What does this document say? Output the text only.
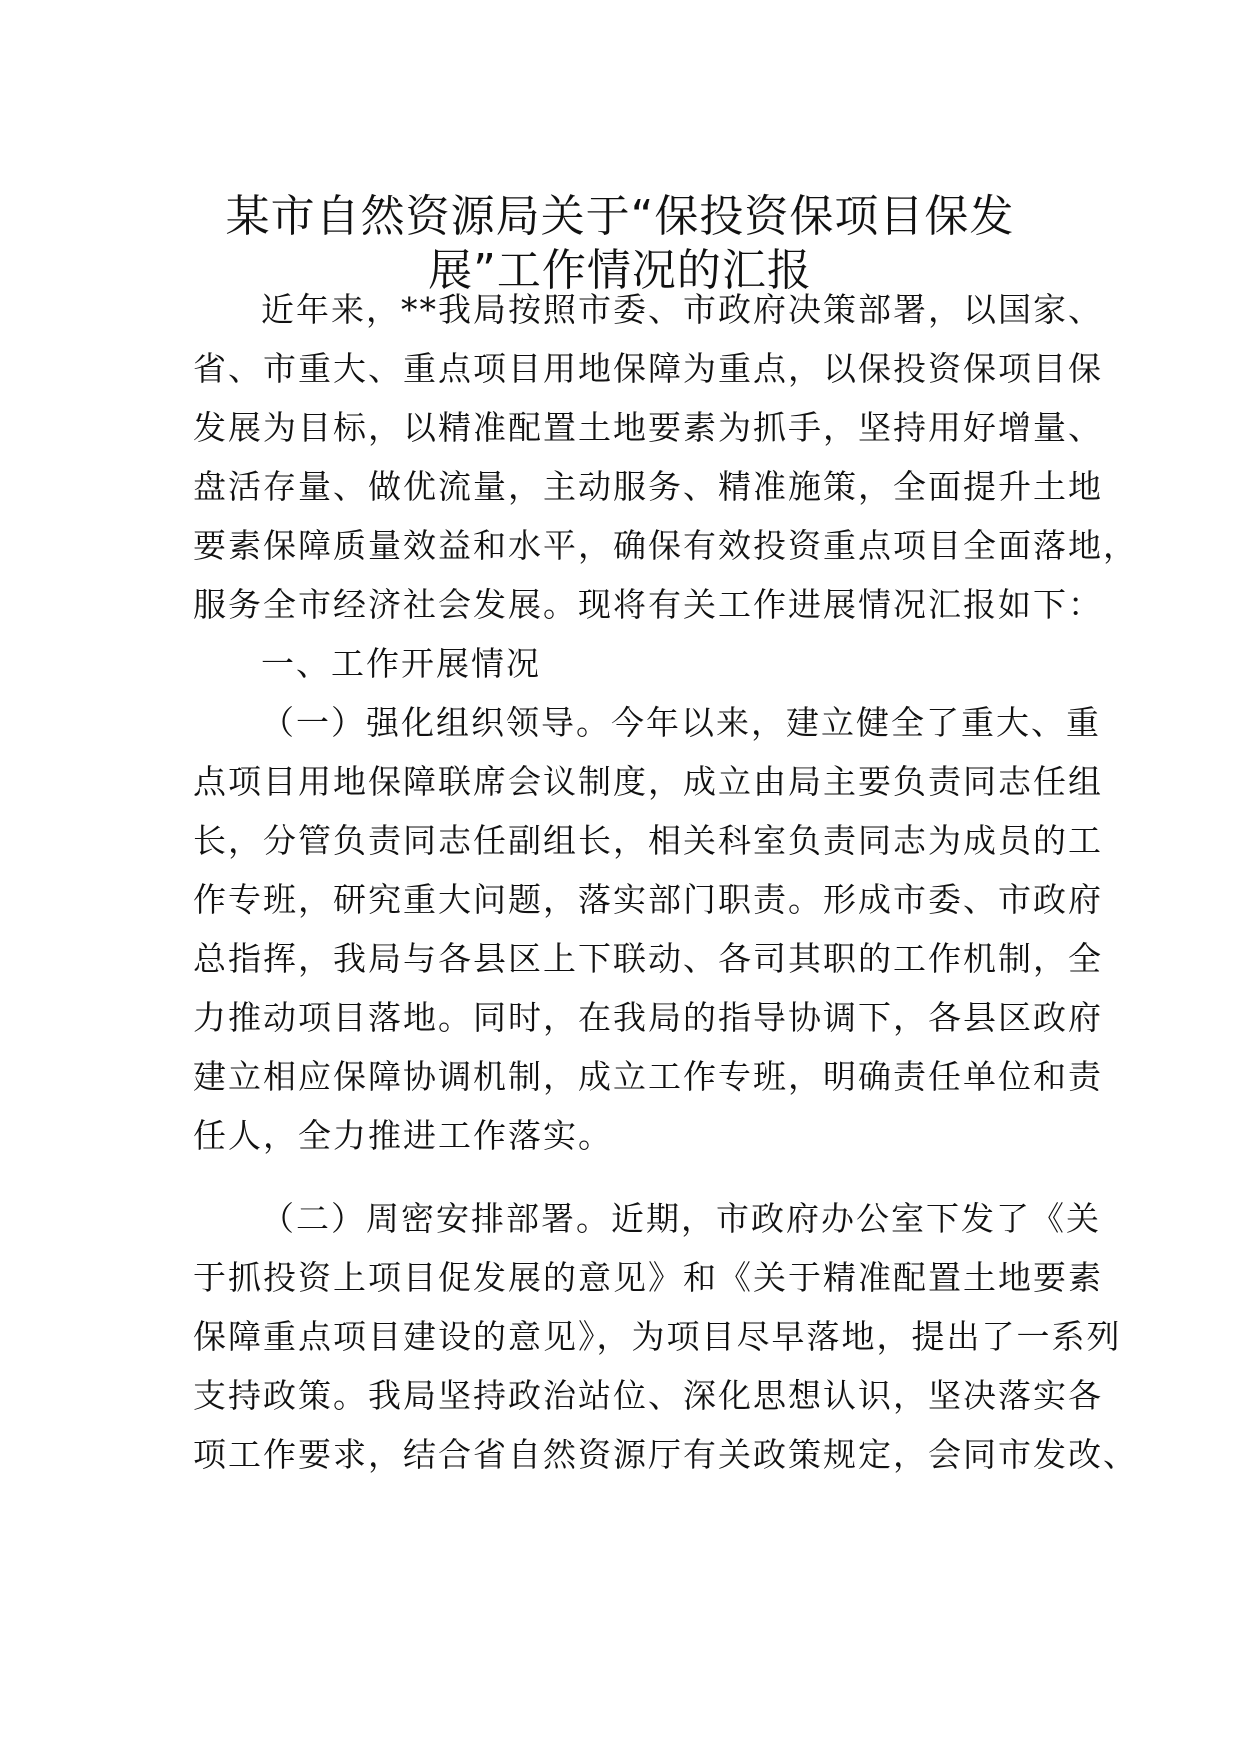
某市自然资源局关于“保投资保项目保发
展”工作情况的汇报
近年来，**我局按照市委、市政府决策部署，以国家、
省、市重大、重点项目用地保障为重点，以保投资保项目保
发展为目标，以精准配置土地要素为抓手，坚持用好增量、
盘活存量、做优流量，主动服务、精准施策，全面提升土地
要素保障质量效益和水平，确保有效投资重点项目全面落地，
服务全市经济社会发展。现将有关工作进展情况汇报如下：
一、工作开展情况
（一）强化组织领导。今年以来，建立健全了重大、重
点项目用地保障联席会议制度，成立由局主要负责同志任组
长，分管负责同志任副组长，相关科室负责同志为成员的工
作专班，研究重大问题，落实部门职责。形成市委、市政府
总指挥，我局与各县区上下联动、各司其职的工作机制，全
力推动项目落地。同时，在我局的指导协调下，各县区政府
建立相应保障协调机制，成立工作专班，明确责任单位和责
任人，全力推进工作落实。
（二）周密安排部署。近期，市政府办公室下发了《关
于抓投资上项目促发展的意见》和《关于精准配置土地要素
保障重点项目建设的意见》，为项目尽早落地，提出了一系列
支持政策。我局坚持政治站位、深化思想认识，坚决落实各
项工作要求，结合省自然资源厅有关政策规定，会同市发改、
